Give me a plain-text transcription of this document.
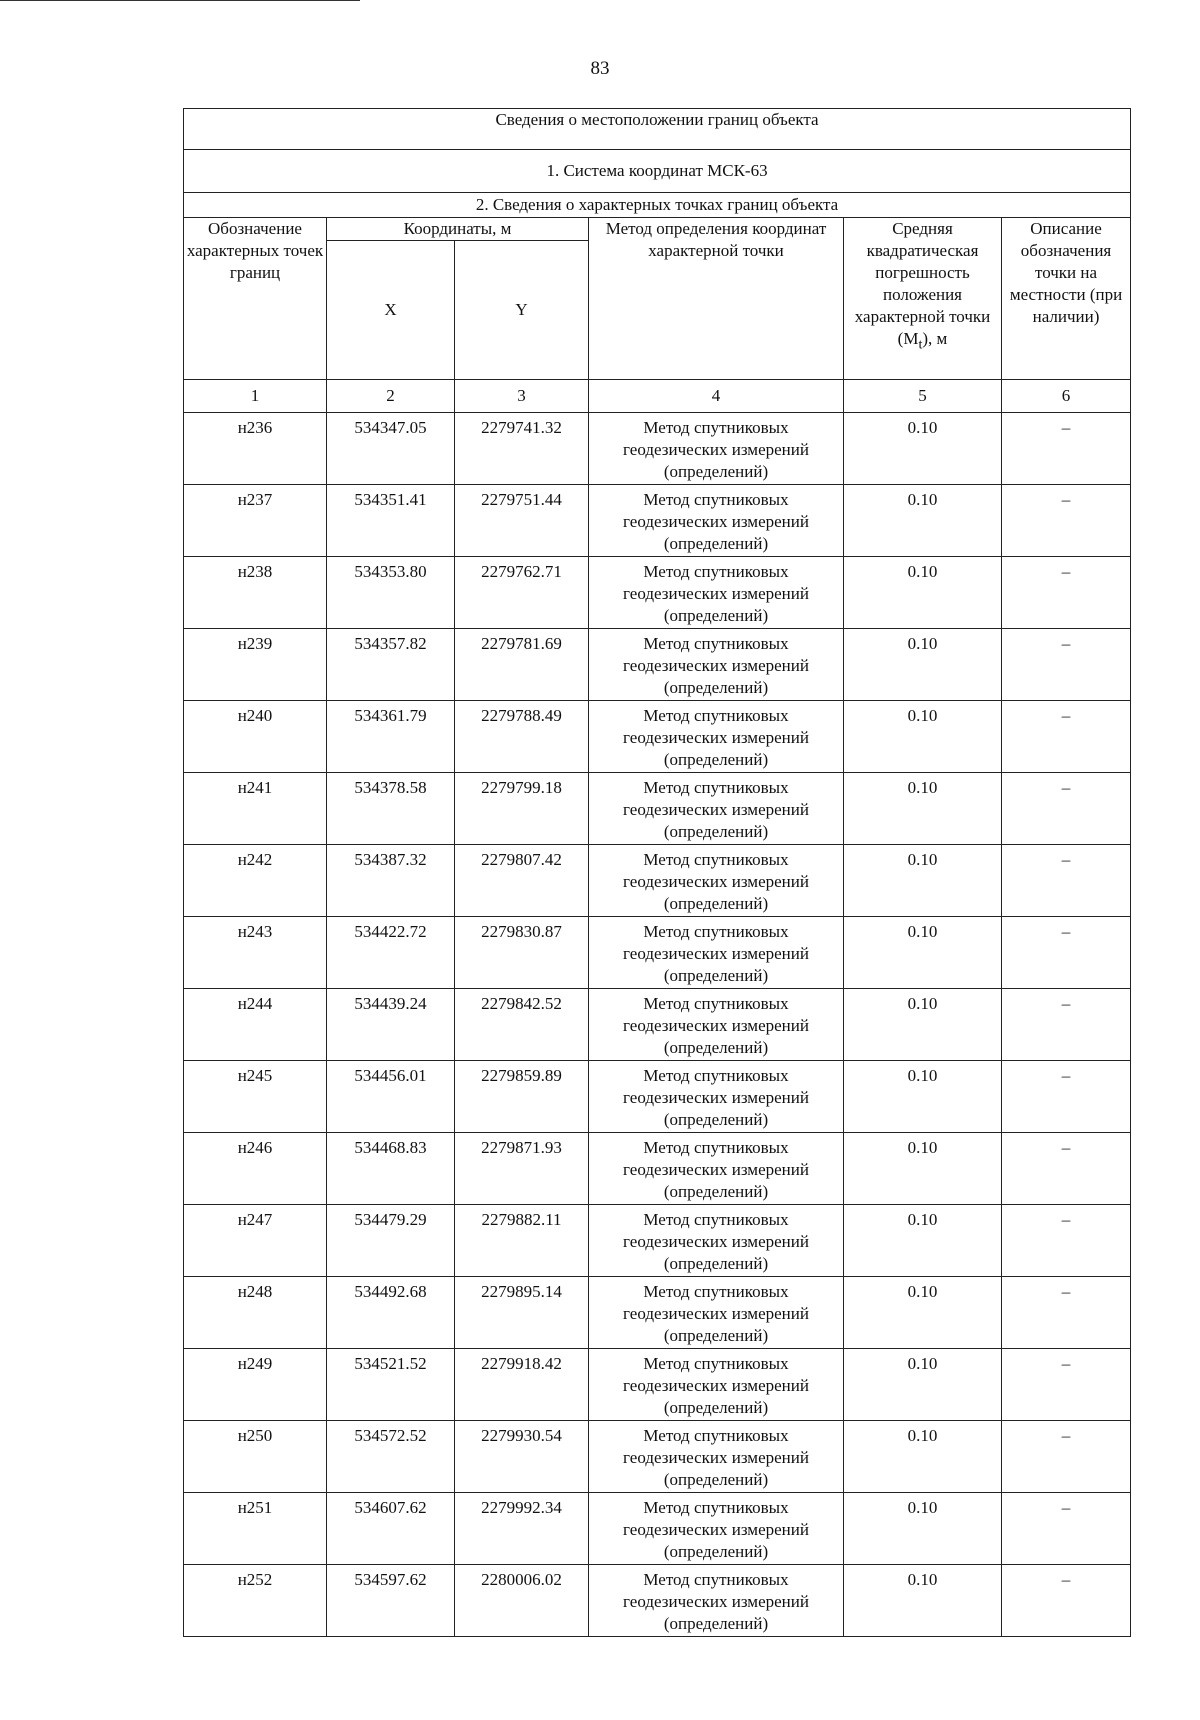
83
Сведения о местоположении границ объекта					
1. Система координат МСК-63					
2. Сведения о характерных точках границ объекта					
Обозначение характерных точек границ	Координаты, м		Метод определения координат характерной точки	Средняя квадратическая погрешность положения характерной точки $(M_t)$, м	Описание обозначения точки на местности (при наличии)
	X	Y			
1	2	3	4	5	6
н236	534347.05	2279741.32	Метод спутниковых геодезических измерений (определений)	0.10	–
н237	534351.41	2279751.44	Метод спутниковых геодезических измерений (определений)	0.10	–
н238	534353.80	2279762.71	Метод спутниковых геодезических измерений (определений)	0.10	–
н239	534357.82	2279781.69	Метод спутниковых геодезических измерений (определений)	0.10	–
н240	534361.79	2279788.49	Метод спутниковых геодезических измерений (определений)	0.10	–
н241	534378.58	2279799.18	Метод спутниковых геодезических измерений (определений)	0.10	–
н242	534387.32	2279807.42	Метод спутниковых геодезических измерений (определений)	0.10	–
н243	534422.72	2279830.87	Метод спутниковых геодезических измерений (определений)	0.10	–
н244	534439.24	2279842.52	Метод спутниковых геодезических измерений (определений)	0.10	–
н245	534456.01	2279859.89	Метод спутниковых геодезических измерений (определений)	0.10	–
н246	534468.83	2279871.93	Метод спутниковых геодезических измерений (определений)	0.10	–
н247	534479.29	2279882.11	Метод спутниковых геодезических измерений (определений)	0.10	–
н248	534492.68	2279895.14	Метод спутниковых геодезических измерений (определений)	0.10	–
н249	534521.52	2279918.42	Метод спутниковых геодезических измерений (определений)	0.10	–
н250	534572.52	2279930.54	Метод спутниковых геодезических измерений (определений)	0.10	–
н251	534607.62	2279992.34	Метод спутниковых геодезических измерений (определений)	0.10	–
н252	534597.62	2280006.02	Метод спутниковых геодезических измерений (определений)	0.10	–
